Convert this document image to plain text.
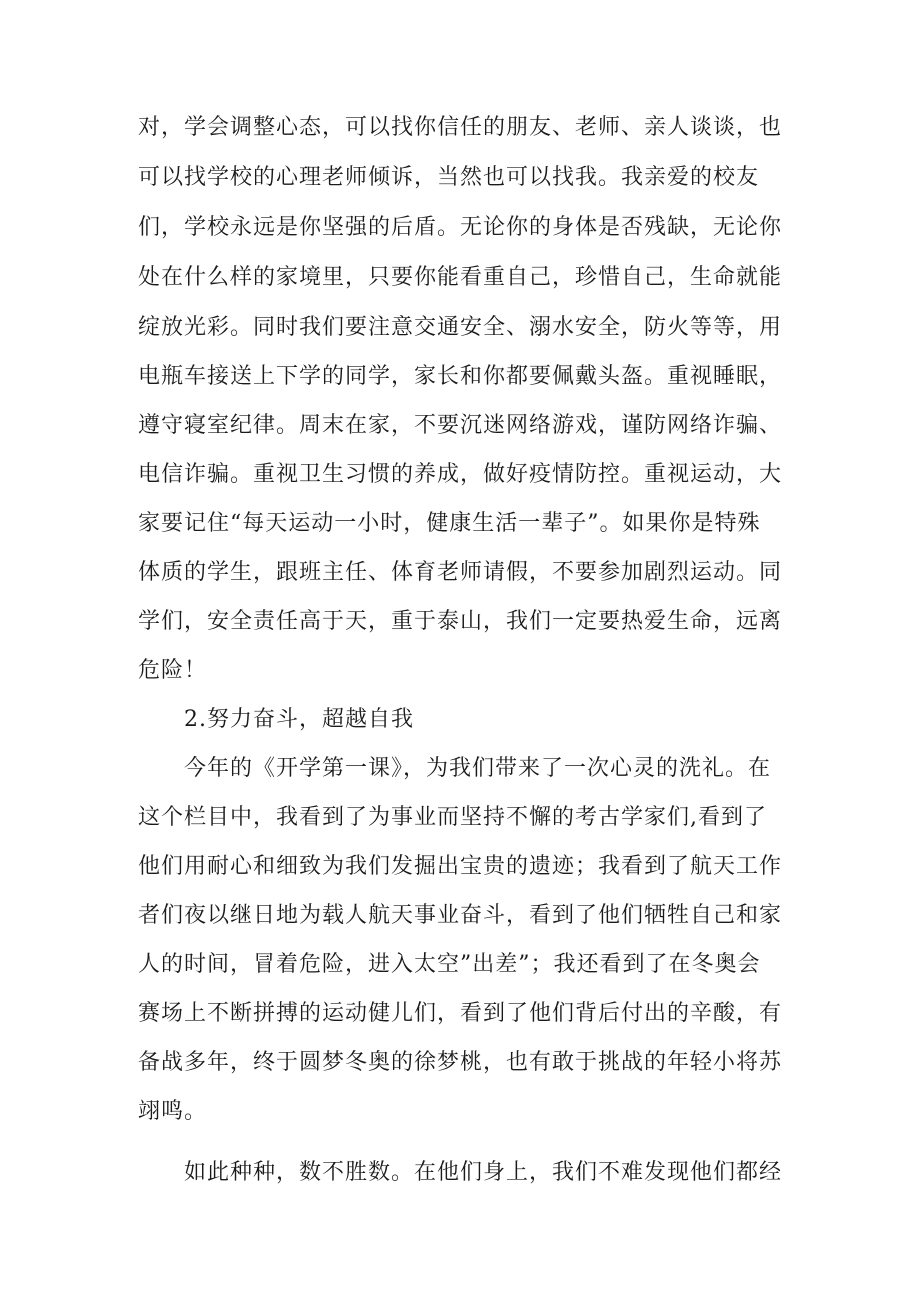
对，学会调整心态，可以找你信任的朋友、老师、亲人谈谈，也
可以找学校的心理老师倾诉，当然也可以找我。我亲爱的校友
们，学校永远是你坚强的后盾。无论你的身体是否残缺，无论你
处在什么样的家境里，只要你能看重自己，珍惜自己，生命就能
绽放光彩。同时我们要注意交通安全、溺水安全，防火等等，用
电瓶车接送上下学的同学，家长和你都要佩戴头盔。重视睡眠，
遵守寝室纪律。周末在家，不要沉迷网络游戏，谨防网络诈骗、
电信诈骗。重视卫生习惯的养成，做好疫情防控。重视运动，大
家要记住“每天运动一小时，健康生活一辈子”。如果你是特殊
体质的学生，跟班主任、体育老师请假，不要参加剧烈运动。同
学们，安全责任高于天，重于泰山，我们一定要热爱生命，远离
危险！
2.努力奋斗，超越自我
今年的《开学第一课》，为我们带来了一次心灵的洗礼。在
这个栏目中，我看到了为事业而坚持不懈的考古学家们,看到了
他们用耐心和细致为我们发掘出宝贵的遗迹；我看到了航天工作
者们夜以继日地为载人航天事业奋斗，看到了他们牺牲自己和家
人的时间，冒着危险，进入太空”出差”；我还看到了在冬奥会
赛场上不断拼搏的运动健儿们，看到了他们背后付出的辛酸，有
备战多年，终于圆梦冬奥的徐梦桃，也有敢于挑战的年轻小将苏
翊鸣。
如此种种，数不胜数。在他们身上，我们不难发现他们都经
